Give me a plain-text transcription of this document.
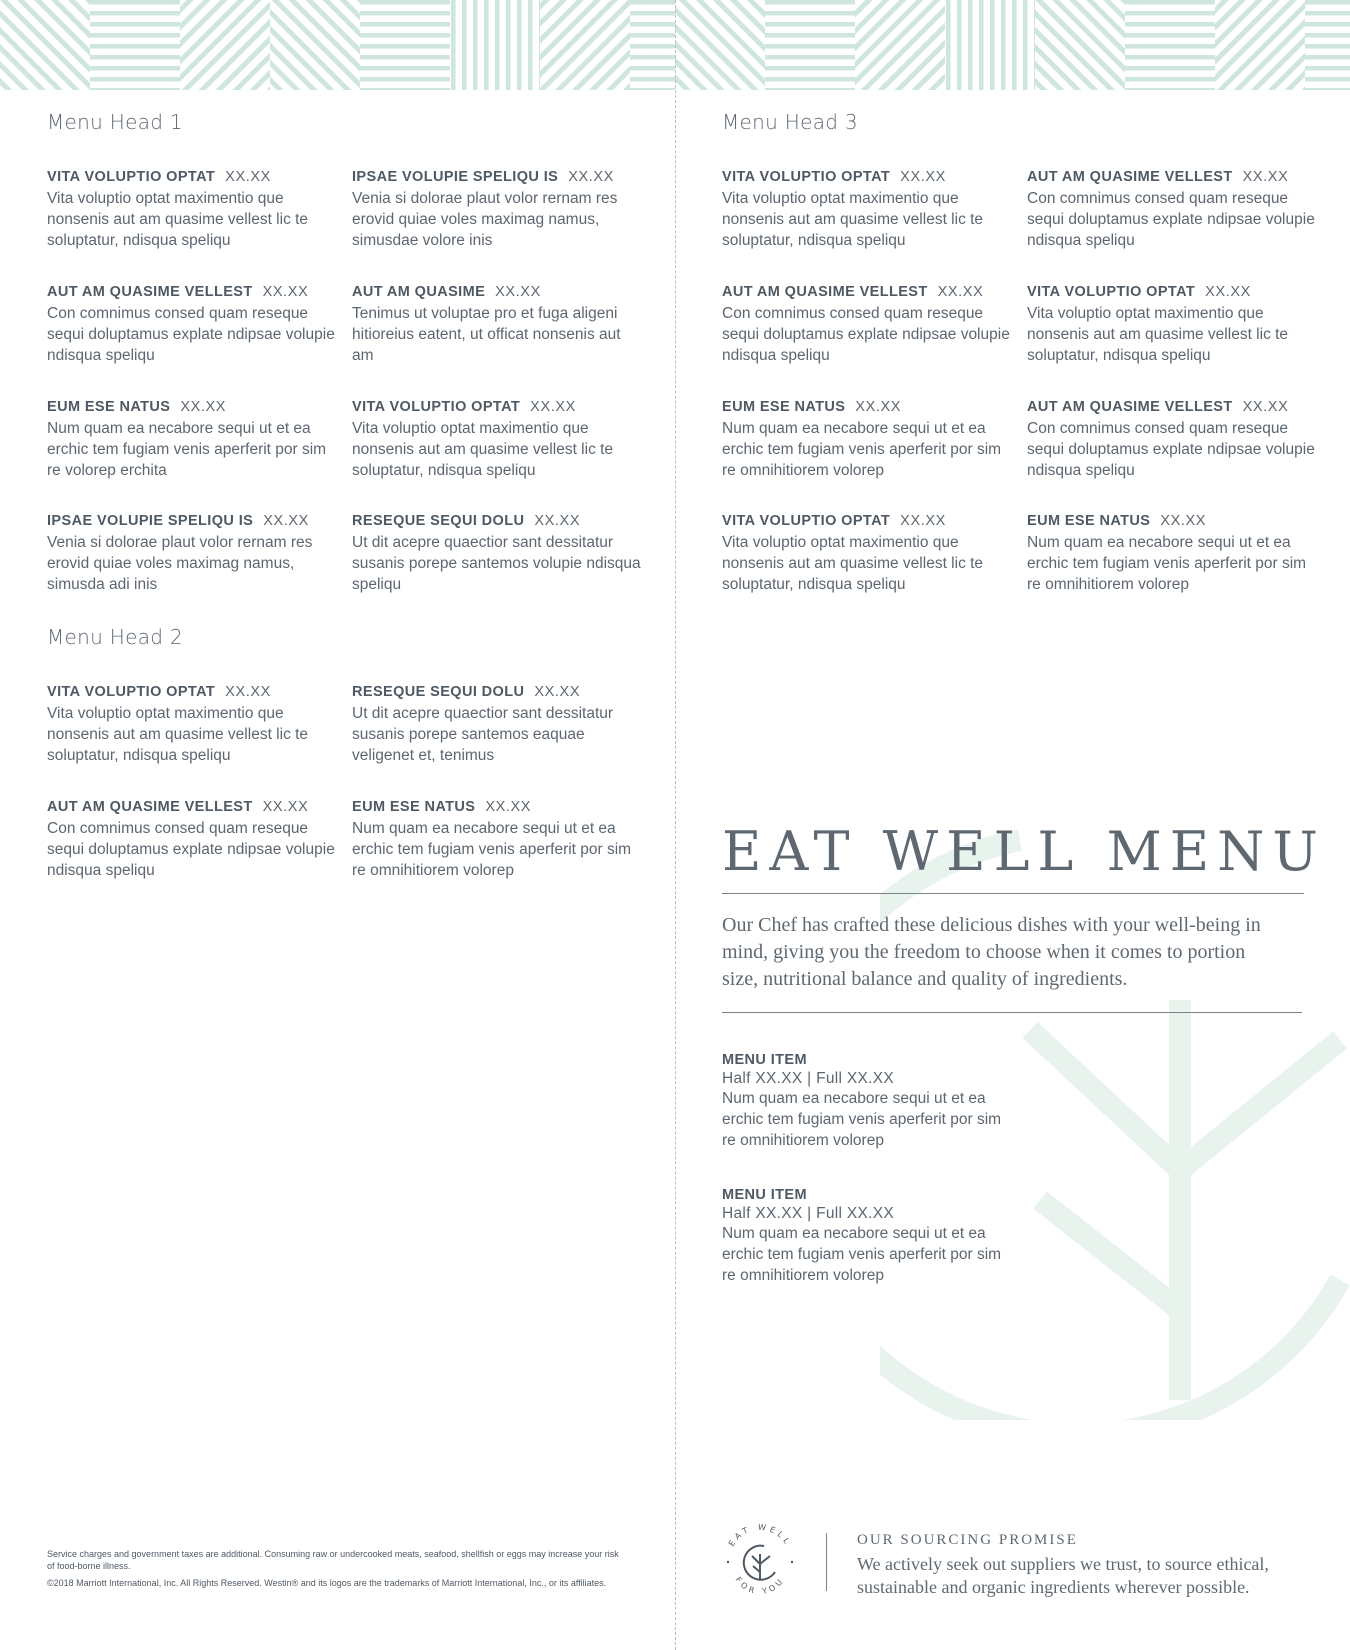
Menu Head 1
VITA VOLUPTIO OPTAT XX.XX
Vita voluptio optat maximentio que nonsenis aut am quasime vellest lic te soluptatur, ndisqua speliqu
IPSAE VOLUPIE SPELIQU IS XX.XX
Venia si dolorae plaut volor rernam res erovid quiae voles maximag namus, simusdae volore inis
AUT AM QUASIME VELLEST XX.XX
Con comnimus consed quam reseque sequi doluptamus explate ndipsae volupie ndisqua speliqu
AUT AM QUASIME XX.XX
Tenimus ut voluptae pro et fuga aligeni hitioreius eatent, ut officat nonsenis aut am
EUM ESE NATUS XX.XX
Num quam ea necabore sequi ut et ea erchic tem fugiam venis aperferit por sim re volorep erchita
VITA VOLUPTIO OPTAT XX.XX
Vita voluptio optat maximentio que nonsenis aut am quasime vellest lic te soluptatur, ndisqua speliqu
IPSAE VOLUPIE SPELIQU IS XX.XX
Venia si dolorae plaut volor rernam res erovid quiae voles maximag namus, simusda adi inis
RESEQUE SEQUI DOLU XX.XX
Ut dit acepre quaectior sant dessitatur susanis porepe santemos volupie ndisqua speliqu
Menu Head 2
VITA VOLUPTIO OPTAT XX.XX
Vita voluptio optat maximentio que nonsenis aut am quasime vellest lic te soluptatur, ndisqua speliqu
RESEQUE SEQUI DOLU XX.XX
Ut dit acepre quaectior sant dessitatur susanis porepe santemos eaquae veligenet et, tenimus
AUT AM QUASIME VELLEST XX.XX
Con comnimus consed quam reseque sequi doluptamus explate ndipsae volupie ndisqua speliqu
EUM ESE NATUS XX.XX
Num quam ea necabore sequi ut et ea erchic tem fugiam venis aperferit por sim re omnihitiorem volorep
Menu Head 3
VITA VOLUPTIO OPTAT XX.XX
Vita voluptio optat maximentio que nonsenis aut am quasime vellest lic te soluptatur, ndisqua speliqu
AUT AM QUASIME VELLEST XX.XX
Con comnimus consed quam reseque sequi doluptamus explate ndipsae volupie ndisqua speliqu
AUT AM QUASIME VELLEST XX.XX
Con comnimus consed quam reseque sequi doluptamus explate ndipsae volupie ndisqua speliqu
VITA VOLUPTIO OPTAT XX.XX
Vita voluptio optat maximentio que nonsenis aut am quasime vellest lic te soluptatur, ndisqua speliqu
EUM ESE NATUS XX.XX
Num quam ea necabore sequi ut et ea erchic tem fugiam venis aperferit por sim re omnihitiorem volorep
AUT AM QUASIME VELLEST XX.XX
Con comnimus consed quam reseque sequi doluptamus explate ndipsae volupie ndisqua speliqu
VITA VOLUPTIO OPTAT XX.XX
Vita voluptio optat maximentio que nonsenis aut am quasime vellest lic te soluptatur, ndisqua speliqu
EUM ESE NATUS XX.XX
Num quam ea necabore sequi ut et ea erchic tem fugiam venis aperferit por sim re omnihitiorem volorep
EAT WELL MENU

Our Chef has crafted these delicious dishes with your well-being in mind, giving you the freedom to choose when it comes to portion size, nutritional balance and quality of ingredients.

MENU ITEM
Half XX.XX | Full XX.XX
Num quam ea necabore sequi ut et ea erchic tem fugiam venis aperferit por sim re omnihitiorem volorep
MENU ITEM
Half XX.XX | Full XX.XX
Num quam ea necabore sequi ut et ea erchic tem fugiam venis aperferit por sim re omnihitiorem volorep

Service charges and government taxes are additional. Consuming raw or undercooked meats, seafood, shellfish or eggs may increase your risk of food-borne illness.

©2018 Marriott International, Inc. All Rights Reserved. Westin® and its logos are the trademarks of Marriott International, Inc., or its affiliates.

EAT WELL
FOR YOU
OUR SOURCING PROMISE
We actively seek out suppliers we trust, to source ethical, sustainable and organic ingredients wherever possible.
